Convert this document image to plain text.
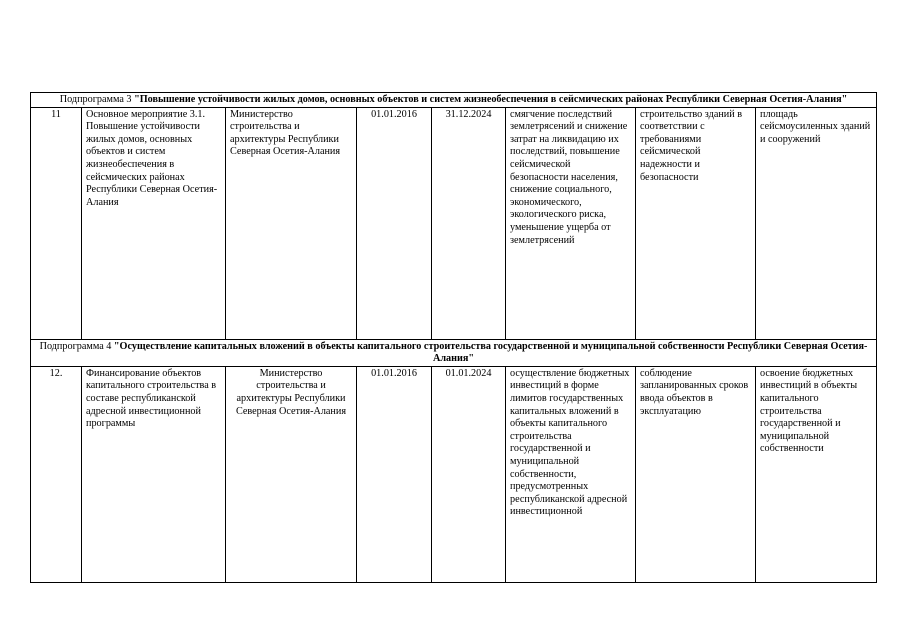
Подпрограмма 3 "Повышение устойчивости жилых домов, основных объектов и систем жизнеобеспечения в сейсмических районах Республики Северная Осетия-Алания"							
11	Основное мероприятие 3.1. Повышение устойчивости жилых домов, основных объектов и систем жизнеобеспечения в сейсмических районах Республики Северная Осетия-Алания	Министерство строительства и архитектуры Республики Северная Осетия-Алания	01.01.2016	31.12.2024	смягчение последствий землетрясений и снижение затрат на ликвидацию их последствий, повышение сейсмической безопасности населения, снижение социального, экономического, экологического риска, уменьшение ущерба от землетрясений	строительство зданий в соответствии с требованиями сейсмической надежности и безопасности	площадь сейсмоусиленных зданий и сооружений
Подпрограмма 4 "Осуществление капитальных вложений в объекты капитального строительства государственной и муниципальной собственности Республики Северная Осетия-Алания"							
12.	Финансирование объектов капитального строительства в составе республиканской адресной инвестиционной программы	Министерство строительства и архитектуры Республики Северная Осетия-Алания	01.01.2016	01.01.2024	осуществление бюджетных инвестиций в форме лимитов государственных капитальных вложений в объекты капитального строительства государственной и муниципальной собственности, предусмотренных республиканской адресной инвестиционной	соблюдение запланированных сроков ввода объектов в эксплуатацию	освоение бюджетных инвестиций в объекты капитального строительства государственной и муниципальной собственности
